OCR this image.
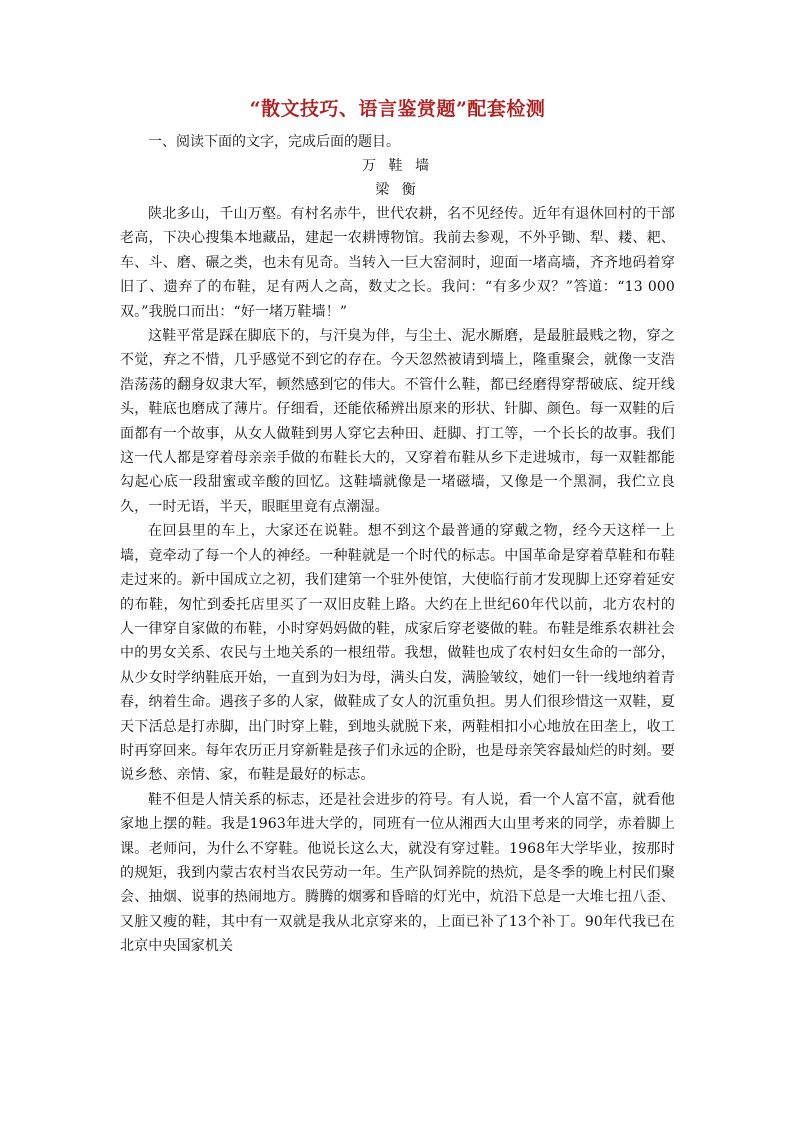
“散文技巧、语言鉴赏题”配套检测

一、阅读下面的文字，完成后面的题目。

万 鞋 墙

梁 衡

陕北多山，千山万壑。有村名赤牛，世代农耕，名不见经传。近年有退休回村的干部老高，下决心搜集本地藏品，建起一农耕博物馆。我前去参观，不外乎锄、犁、耧、耙、车、斗、磨、碾之类，也未有见奇。当转入一巨大窑洞时，迎面一堵高墙，齐齐地码着穿旧了、遗弃了的布鞋，足有两人之高，数丈之长。我问：“有多少双？”答道：“13 000双。”我脱口而出：“好一堵万鞋墙！”

这鞋平常是踩在脚底下的，与汗臭为伴，与尘土、泥水厮磨，是最脏最贱之物，穿之不觉，弃之不惜，几乎感觉不到它的存在。今天忽然被请到墙上，隆重聚会，就像一支浩浩荡荡的翻身奴隶大军，顿然感到它的伟大。不管什么鞋，都已经磨得穿帮破底、绽开线头，鞋底也磨成了薄片。仔细看，还能依稀辨出原来的形状、针脚、颜色。每一双鞋的后面都有一个故事，从女人做鞋到男人穿它去种田、赶脚、打工等，一个长长的故事。我们这一代人都是穿着母亲亲手做的布鞋长大的，又穿着布鞋从乡下走进城市，每一双鞋都能勾起心底一段甜蜜或辛酸的回忆。这鞋墙就像是一堵磁墙，又像是一个黑洞，我伫立良久，一时无语，半天，眼眶里竟有点潮湿。

在回县里的车上，大家还在说鞋。想不到这个最普通的穿戴之物，经今天这样一上墙，竟牵动了每一个人的神经。一种鞋就是一个时代的标志。中国革命是穿着草鞋和布鞋走过来的。新中国成立之初，我们建第一个驻外使馆，大使临行前才发现脚上还穿着延安的布鞋，匆忙到委托店里买了一双旧皮鞋上路。大约在上世纪60年代以前，北方农村的人一律穿自家做的布鞋，小时穿妈妈做的鞋，成家后穿老婆做的鞋。布鞋是维系农耕社会中的男女关系、农民与土地关系的一根纽带。我想，做鞋也成了农村妇女生命的一部分，从少女时学纳鞋底开始，一直到为妇为母，满头白发，满脸皱纹，她们一针一线地纳着青春，纳着生命。遇孩子多的人家，做鞋成了女人的沉重负担。男人们很珍惜这一双鞋，夏天下活总是打赤脚，出门时穿上鞋，到地头就脱下来，两鞋相扣小心地放在田垄上，收工时再穿回来。每年农历正月穿新鞋是孩子们永远的企盼，也是母亲笑容最灿烂的时刻。要说乡愁、亲情、家，布鞋是最好的标志。

鞋不但是人情关系的标志，还是社会进步的符号。有人说，看一个人富不富，就看他家地上摆的鞋。我是1963年进大学的，同班有一位从湘西大山里考来的同学，赤着脚上课。老师问，为什么不穿鞋。他说长这么大，就没有穿过鞋。1968年大学毕业，按那时的规矩，我到内蒙古农村当农民劳动一年。生产队饲养院的热炕，是冬季的晚上村民们聚会、抽烟、说事的热闹地方。腾腾的烟雾和昏暗的灯光中，炕沿下总是一大堆七扭八歪、又脏又瘦的鞋，其中有一双就是我从北京穿来的，上面已补了13个补丁。90年代我已在北京中央国家机关
